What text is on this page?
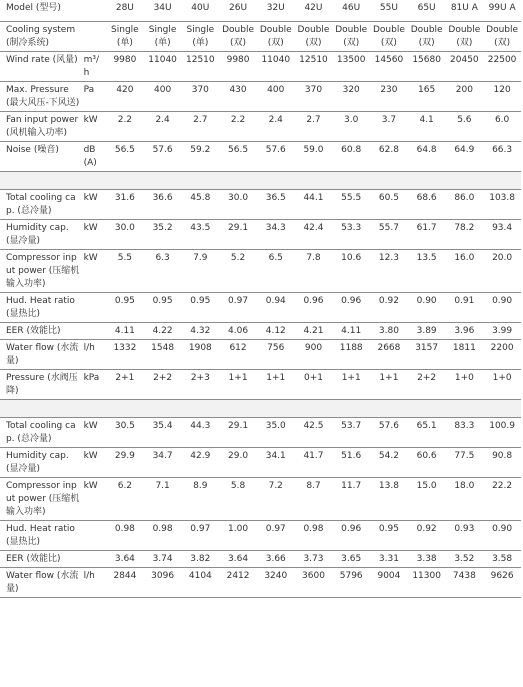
Model (型号)		28U	34U	40U	26U	32U	42U	46U	55U	65U	81U A	99U A
Cooling system (制冷系统)		Single (单)	Single (单)	Single (单)	Double (双)	Double (双)	Double(双)	Double (双)	Double (双)	Double (双)	Double (双)	Double (双)
Wind rate (风量)	m³/h	9980	11040	12510	9980	11040	12510	13500	14560	15680	20450	22500
Max. Pressure (最大风压-下风送)	Pa	420	400	370	430	400	370	320	230	165	200	120
Fan input power (风机输入功率)	kW	2.2	2.4	2.7	2.2	2.4	2.7	3.0	3.7	4.1	5.6	6.0
Noise (噪音)	dB(A)	56.5	57.6	59.2	56.5	57.6	59.0	60.8	62.8	64.8	64.9	66.3

Total cooling cap. (总冷量)	kW	31.6	36.6	45.8	30.0	36.5	44.1	55.5	60.5	68.6	86.0	103.8
Humidity cap. (显冷量)	kW	30.0	35.2	43.5	29.1	34.3	42.4	53.3	55.7	61.7	78.2	93.4
Compressor input power (压缩机输入功率)	kW	5.5	6.3	7.9	5.2	6.5	7.8	10.6	12.3	13.5	16.0	20.0
Hud. Heat ratio (显热比)		0.95	0.95	0.95	0.97	0.94	0.96	0.96	0.92	0.90	0.91	0.90
EER (效能比)		4.11	4.22	4.32	4.06	4.12	4.21	4.11	3.80	3.89	3.96	3.99
Water flow (水流量)	l/h	1332	1548	1908	612	756	900	1188	2668	3157	1811	2200
Pressure (水阀压降)	kPa	2+1	2+2	2+3	1+1	1+1	0+1	1+1	1+1	2+2	1+0	1+0

Total cooling cap. (总冷量)	kW	30.5	35.4	44.3	29.1	35.0	42.5	53.7	57.6	65.1	83.3	100.9
Humidity cap. (显冷量)	kW	29.9	34.7	42.9	29.0	34.1	41.7	51.6	54.2	60.6	77.5	90.8
Compressor input power (压缩机输入功率)	kW	6.2	7.1	8.9	5.8	7.2	8.7	11.7	13.8	15.0	18.0	22.2
Hud. Heat ratio (显热比)		0.98	0.98	0.97	1.00	0.97	0.98	0.96	0.95	0.92	0.93	0.90
EER (效能比)		3.64	3.74	3.82	3.64	3.66	3.73	3.65	3.31	3.38	3.52	3.58
Water flow (水流量)	l/h	2844	3096	4104	2412	3240	3600	5796	9004	11300	7438	9626
